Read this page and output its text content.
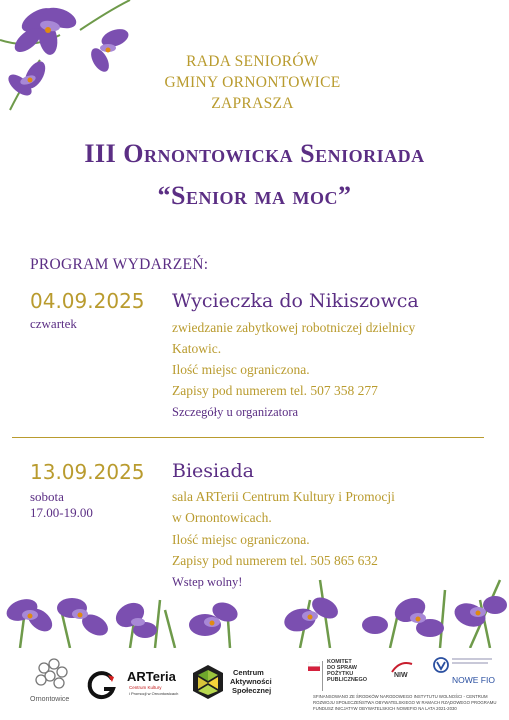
RADA SENIORÓW
GMINY ORNONTOWICE
ZAPRASZA
III Ornontowicka Senioriada
“Senior ma moc”
PROGRAM WYDARZEŃ:
04.09.2025
czwartek
Wycieczka do Nikiszowca
zwiedzanie zabytkowej robotniczej dzielnicy
Katowic.
Ilość miejsc ograniczona.
Zapisy pod numerem tel. 507 358 277
Szczegóły u organizatora
13.09.2025
sobota
17.00-19.00
Biesiada
sala ARTerii Centrum Kultury i Promocji
w Ornontowicach.
Ilość miejsc ograniczona.
Zapisy pod numerem tel. 505 865 632
Wstep wolny!
Ornontowice
ARTeria
Centrum Kultury
i Promocji w Ornontowicach
Centrum
Aktywności
Społecznej
KOMITET
DO SPRAW
POŻYTKU
PUBLICZNEGO
NIW	NOWE FIO
SFINANSOWANO ZE ŚRODKÓW NARODOWEGO INSTYTUTU WOLNOŚCI - CENTRUM
ROZWOJU SPOŁECZEŃSTWA OBYWATELSKIEGO W RAMACH RZĄDOWEGO PROGRAMU
FUNDUSZ INICJATYW OBYWATELSKICH NOWEFIO NA LATA 2021-2030
